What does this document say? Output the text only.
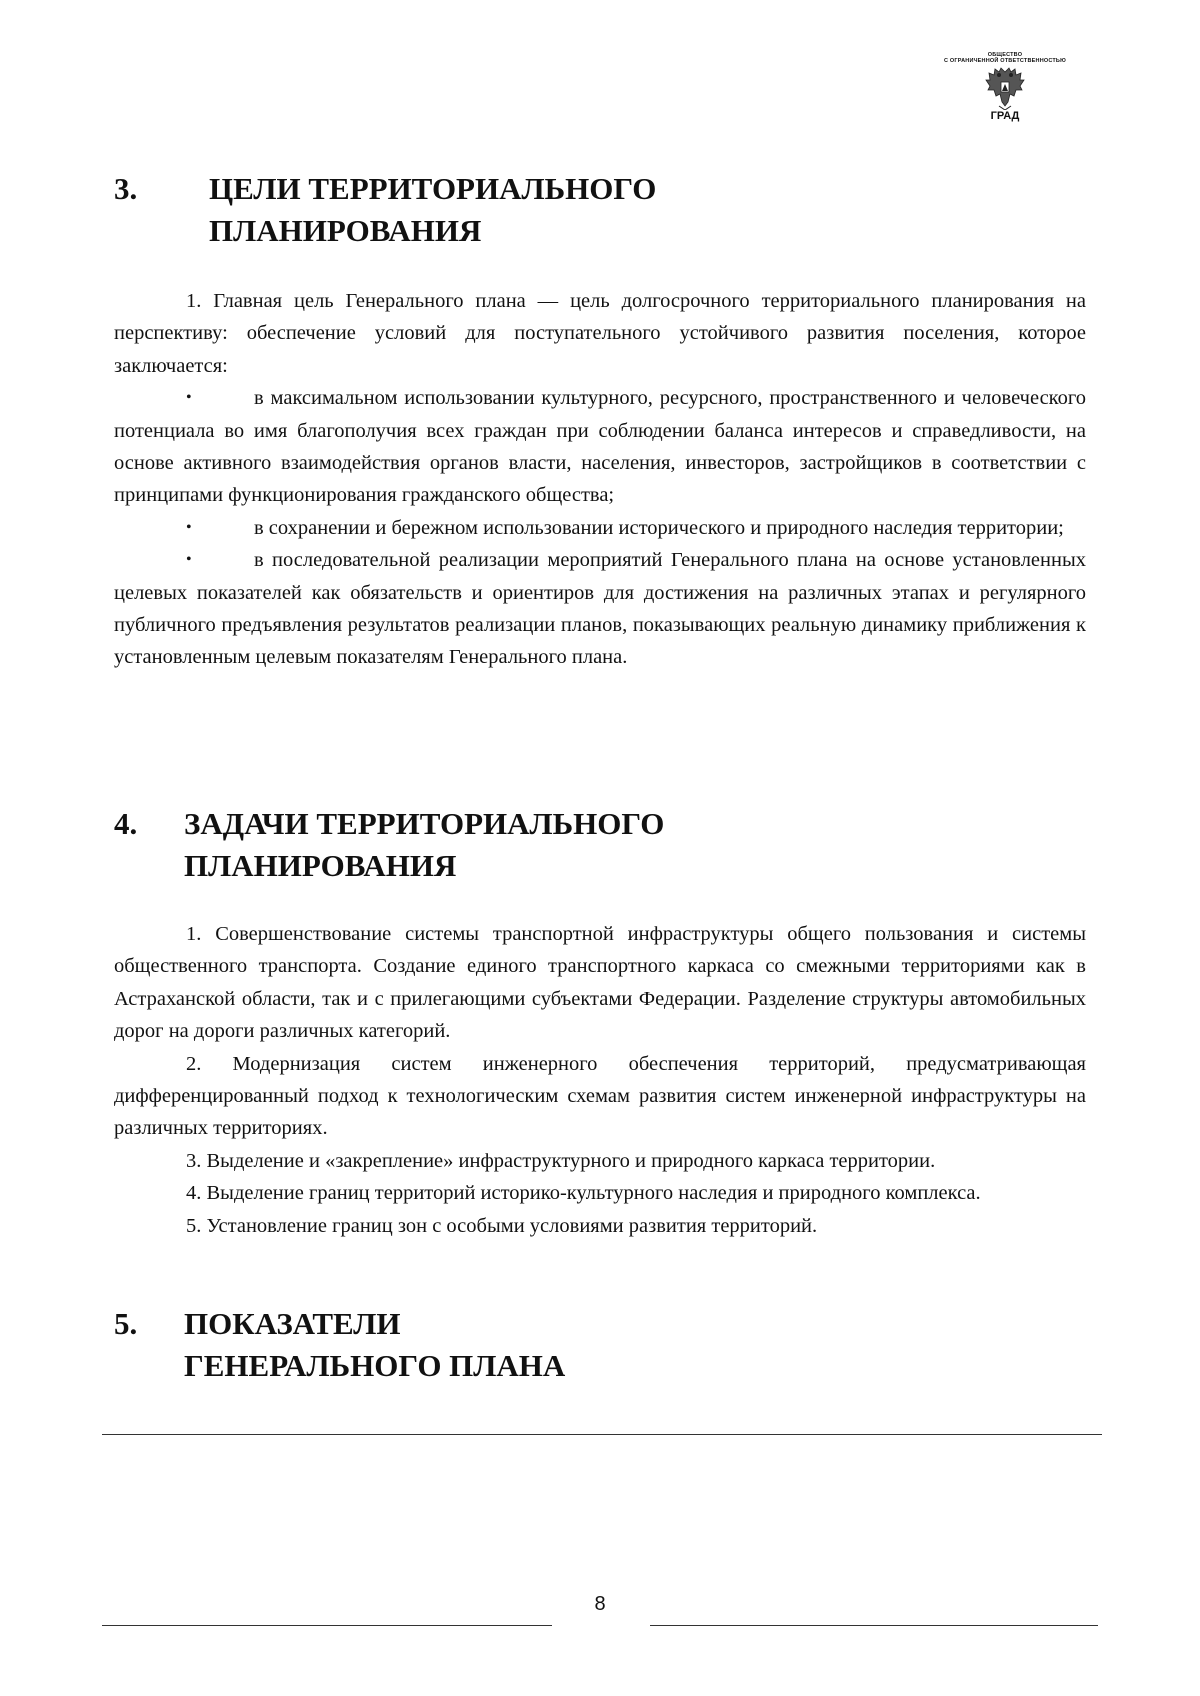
ОБЩЕСТВО
С ОГРАНИЧЕННОЙ ОТВЕТСТВЕННОСТЬЮ
ГРАД
3. ЦЕЛИ ТЕРРИТОРИАЛЬНОГО
ПЛАНИРОВАНИЯ

1. Главная цель Генерального плана — цель долгосрочного территориального планирования на перспективу: обеспечение условий для поступательного устойчивого развития поселения, которое заключается:

•	в максимальном использовании культурного, ресурсного, пространственного и человеческого потенциала во имя благополучия всех граждан при соблюдении баланса интересов и справедливости, на основе активного взаимодействия органов власти, населения, инвесторов, застройщиков в соответствии с принципами функционирования гражданского общества;

•	в сохранении и бережном использовании исторического и природного наследия территории;

•	в последовательной реализации мероприятий Генерального плана на основе установленных целевых показателей как обязательств и ориентиров для достижения на различных этапах и регулярного публичного предъявления результатов реализации планов, показывающих реальную динамику приближения к установленным целевым показателям Генерального плана.

4. ЗАДАЧИ ТЕРРИТОРИАЛЬНОГО
ПЛАНИРОВАНИЯ

1. Совершенствование системы транспортной инфраструктуры общего пользования и системы общественного транспорта. Создание единого транспортного каркаса со смежными территориями как в Астраханской области, так и с прилегающими субъектами Федерации. Разделение структуры автомобильных дорог на дороги различных категорий.

2. Модернизация систем инженерного обеспечения территорий, предусматривающая дифференцированный подход к технологическим схемам развития систем инженерной инфраструктуры на различных территориях.

3. Выделение и «закрепление» инфраструктурного и природного каркаса территории.

4. Выделение границ территорий историко-культурного наследия и природного комплекса.

5. Установление границ зон с особыми условиями развития территорий.

5. ПОКАЗАТЕЛИ
ГЕНЕРАЛЬНОГО ПЛАНА
8
